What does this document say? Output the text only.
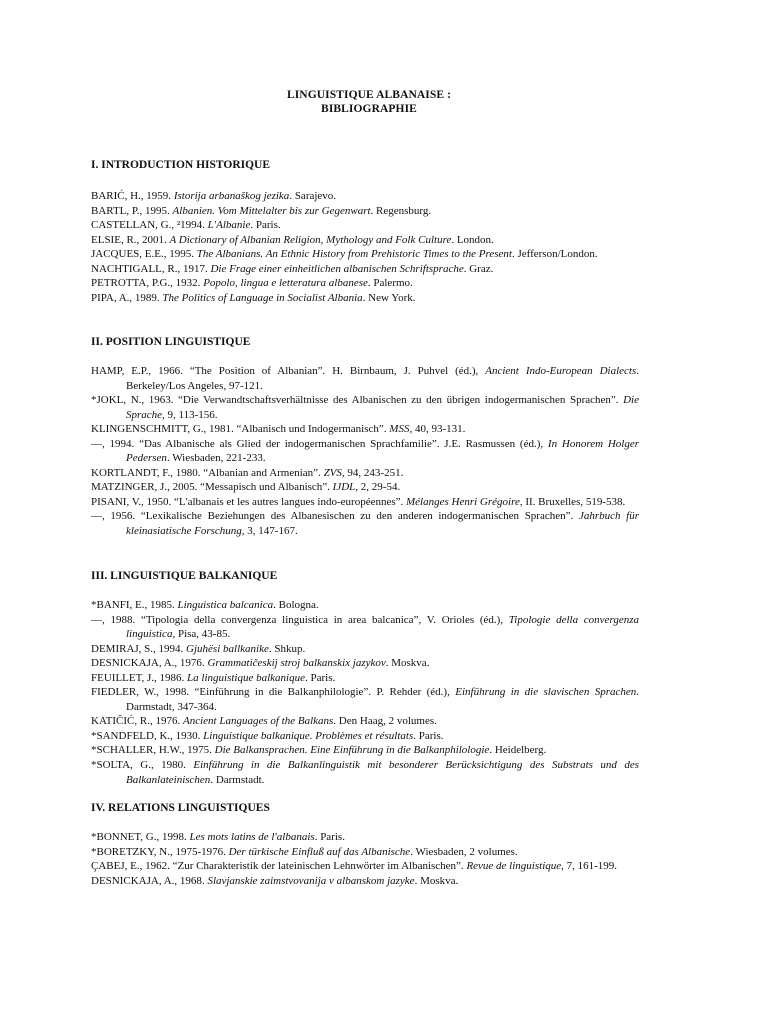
LINGUISTIQUE ALBANAISE :
BIBLIOGRAPHIE
I. INTRODUCTION HISTORIQUE

BARIĆ, H., 1959. Istorija arbanaškog jezika. Sarajevo.

BARTL, P., 1995. Albanien. Vom Mittelalter bis zur Gegenwart. Regensburg.

CASTELLAN, G., ²1994. L'Albanie. Paris.

ELSIE, R., 2001. A Dictionary of Albanian Religion, Mythology and Folk Culture. London.

JACQUES, E.E., 1995. The Albanians. An Ethnic History from Prehistoric Times to the Present. Jefferson/London.

NACHTIGALL, R., 1917. Die Frage einer einheitlichen albanischen Schriftsprache. Graz.

PETROTTA, P.G., 1932. Popolo, lingua e letteratura albanese. Palermo.

PIPA, A., 1989. The Politics of Language in Socialist Albania. New York.

II. POSITION LINGUISTIQUE

HAMP, E.P., 1966. “The Position of Albanian”. H. Birnbaum, J. Puhvel (éd.), Ancient Indo-European Dialects. Berkeley/Los Angeles, 97-121.

*JOKL, N., 1963. “Die Verwandtschaftsverhältnisse des Albanischen zu den übrigen indogermanischen Sprachen”. Die Sprache, 9, 113-156.

KLINGENSCHMITT, G., 1981. “Albanisch und Indogermanisch”. MSS, 40, 93-131.

—, 1994. “Das Albanische als Glied der indogermanischen Sprachfamilie”. J.E. Rasmussen (éd.), In Honorem Holger Pedersen. Wiesbaden, 221-233.

KORTLANDT, F., 1980. “Albanian and Armenian”. ZVS, 94, 243-251.

MATZINGER, J., 2005. “Messapisch und Albanisch”. IJDL, 2, 29-54.

PISANI, V., 1950. “L'albanais et les autres langues indo-européennes”. Mélanges Henri Grégoire, II. Bruxelles, 519-538.

—, 1956. “Lexikalische Beziehungen des Albanesischen zu den anderen indogermanischen Sprachen”. Jahrbuch für kleinasiatische Forschung, 3, 147-167.

III. LINGUISTIQUE BALKANIQUE

*BANFI, E., 1985. Linguistica balcanica. Bologna.

—, 1988. “Tipologia della convergenza linguistica in area balcanica”, V. Orioles (éd.), Tipologie della convergenza linguistica, Pisa, 43-85.

DEMIRAJ, S., 1994. Gjuhësi ballkanike. Shkup.

DESNICKAJA, A., 1976. Grammatičeskij stroj balkanskix jazykov. Moskva.

FEUILLET, J., 1986. La linguistique balkanique. Paris.

FIEDLER, W., 1998. “Einführung in die Balkanphilologie”. P. Rehder (éd.), Einführung in die slavischen Sprachen. Darmstadt, 347-364.

KATIČIĆ, R., 1976. Ancient Languages of the Balkans. Den Haag, 2 volumes.

*SANDFELD, K., 1930. Linguistique balkanique. Problèmes et résultats. Paris.

*SCHALLER, H.W., 1975. Die Balkansprachen. Eine Einführung in die Balkanphilologie. Heidelberg.

*SOLTA, G., 1980. Einführung in die Balkanlinguistik mit besonderer Berücksichtigung des Substrats und des Balkanlateinischen. Darmstadt.

IV. RELATIONS LINGUISTIQUES

*BONNET, G., 1998. Les mots latins de l'albanais. Paris.

*BORETZKY, N., 1975-1976. Der türkische Einfluß auf das Albanische. Wiesbaden, 2 volumes.

ÇABEJ, E., 1962. “Zur Charakteristik der lateinischen Lehnwörter im Albanischen”. Revue de linguistique, 7, 161-199.

DESNICKAJA, A., 1968. Slavjanskie zaimstvovanija v albanskom jazyke. Moskva.
